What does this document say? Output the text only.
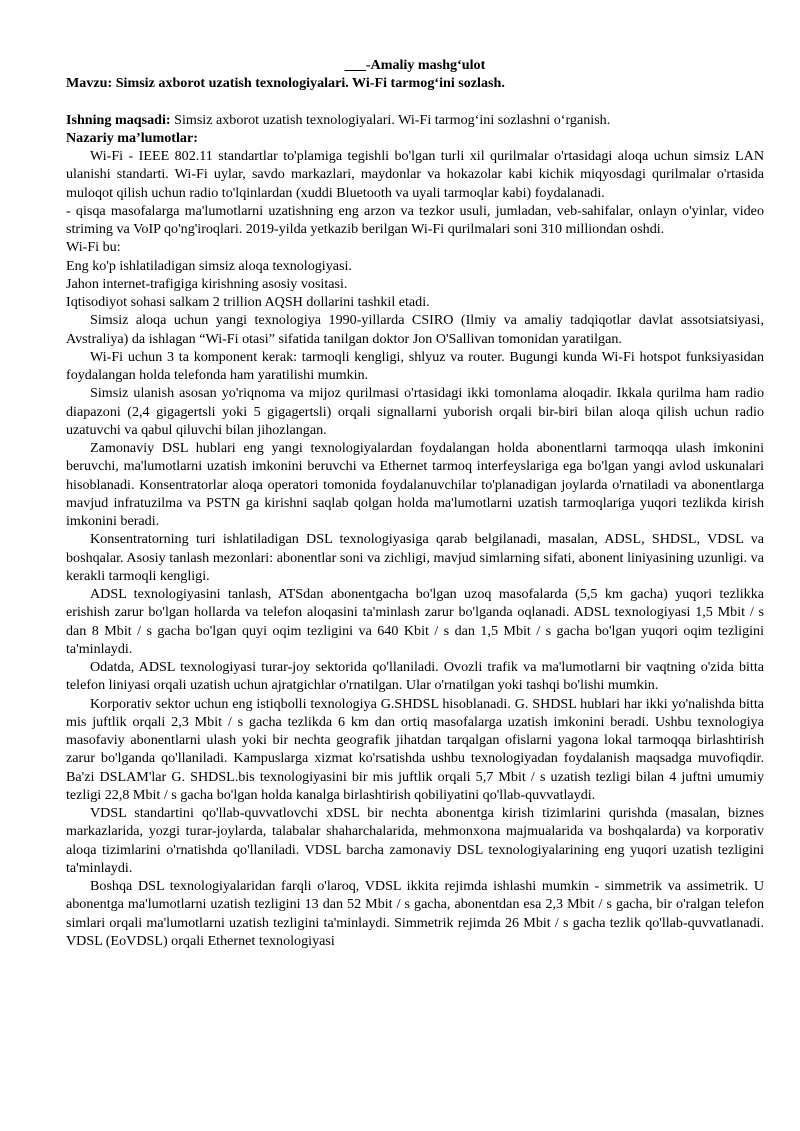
___-Amaliy mashg‘ulot

Mavzu: Simsiz axborot uzatish texnologiyalari. Wi-Fi tarmog‘ini sozlash.

Ishning maqsadi: Simsiz axborot uzatish texnologiyalari. Wi-Fi tarmog‘ini sozlashni o‘rganish.

Nazariy ma’lumotlar:

Wi-Fi - IEEE 802.11 standartlar to'plamiga tegishli bo'lgan turli xil qurilmalar o'rtasidagi aloqa uchun simsiz LAN ulanishi standarti. Wi-Fi uylar, savdo markazlari, maydonlar va hokazolar kabi kichik miqyosdagi qurilmalar o'rtasida muloqot qilish uchun radio to'lqinlardan (xuddi Bluetooth va uyali tarmoqlar kabi) foydalanadi.

- qisqa masofalarga ma'lumotlarni uzatishning eng arzon va tezkor usuli, jumladan, veb-sahifalar, onlayn o'yinlar, video striming va VoIP qo'ng'iroqlari. 2019-yilda yetkazib berilgan Wi-Fi qurilmalari soni 310 milliondan oshdi.

Wi-Fi bu:

Eng ko'p ishlatiladigan simsiz aloqa texnologiyasi.

Jahon internet-trafigiga kirishning asosiy vositasi.

Iqtisodiyot sohasi salkam 2 trillion AQSH dollarini tashkil etadi.

Simsiz aloqa uchun yangi texnologiya 1990-yillarda CSIRO (Ilmiy va amaliy tadqiqotlar davlat assotsiatsiyasi, Avstraliya) da ishlagan “Wi-Fi otasi” sifatida tanilgan doktor Jon O'Sallivan tomonidan yaratilgan.

Wi-Fi uchun 3 ta komponent kerak: tarmoqli kengligi, shlyuz va router. Bugungi kunda Wi-Fi hotspot funksiyasidan foydalangan holda telefonda ham yaratilishi mumkin.

Simsiz ulanish asosan yo'riqnoma va mijoz qurilmasi o'rtasidagi ikki tomonlama aloqadir. Ikkala qurilma ham radio diapazoni (2,4 gigagertsli yoki 5 gigagertsli) orqali signallarni yuborish orqali bir-biri bilan aloqa qilish uchun radio uzatuvchi va qabul qiluvchi bilan jihozlangan.

Zamonaviy DSL hublari eng yangi texnologiyalardan foydalangan holda abonentlarni tarmoqqa ulash imkonini beruvchi, ma'lumotlarni uzatish imkonini beruvchi va Ethernet tarmoq interfeyslariga ega bo'lgan yangi avlod uskunalari hisoblanadi. Konsentratorlar aloqa operatori tomonida foydalanuvchilar to'planadigan joylarda o'rnatiladi va abonentlarga mavjud infratuzilma va PSTN ga kirishni saqlab qolgan holda ma'lumotlarni uzatish tarmoqlariga yuqori tezlikda kirish imkonini beradi.

Konsentratorning turi ishlatiladigan DSL texnologiyasiga qarab belgilanadi, masalan, ADSL, SHDSL, VDSL va boshqalar. Asosiy tanlash mezonlari: abonentlar soni va zichligi, mavjud simlarning sifati, abonent liniyasining uzunligi. va kerakli tarmoqli kengligi.

ADSL texnologiyasini tanlash, ATSdan abonentgacha bo'lgan uzoq masofalarda (5,5 km gacha) yuqori tezlikka erishish zarur bo'lgan hollarda va telefon aloqasini ta'minlash zarur bo'lganda oqlanadi. ADSL texnologiyasi 1,5 Mbit / s dan 8 Mbit / s gacha bo'lgan quyi oqim tezligini va 640 Kbit / s dan 1,5 Mbit / s gacha bo'lgan yuqori oqim tezligini ta'minlaydi.

Odatda, ADSL texnologiyasi turar-joy sektorida qo'llaniladi. Ovozli trafik va ma'lumotlarni bir vaqtning o'zida bitta telefon liniyasi orqali uzatish uchun ajratgichlar o'rnatilgan. Ular o'rnatilgan yoki tashqi bo'lishi mumkin.

Korporativ sektor uchun eng istiqbolli texnologiya G.SHDSL hisoblanadi. G. SHDSL hublari har ikki yo'nalishda bitta mis juftlik orqali 2,3 Mbit / s gacha tezlikda 6 km dan ortiq masofalarga uzatish imkonini beradi. Ushbu texnologiya masofaviy abonentlarni ulash yoki bir nechta geografik jihatdan tarqalgan ofislarni yagona lokal tarmoqqa birlashtirish zarur bo'lganda qo'llaniladi. Kampuslarga xizmat ko'rsatishda ushbu texnologiyadan foydalanish maqsadga muvofiqdir. Ba'zi DSLAM'lar G. SHDSL.bis texnologiyasini bir mis juftlik orqali 5,7 Mbit / s uzatish tezligi bilan 4 juftni umumiy tezligi 22,8 Mbit / s gacha bo'lgan holda kanalga birlashtirish qobiliyatini qo'llab-quvvatlaydi.

VDSL standartini qo'llab-quvvatlovchi xDSL bir nechta abonentga kirish tizimlarini qurishda (masalan, biznes markazlarida, yozgi turar-joylarda, talabalar shaharchalarida, mehmonxona majmualarida va boshqalarda) va korporativ aloqa tizimlarini o'rnatishda qo'llaniladi. VDSL barcha zamonaviy DSL texnologiyalarining eng yuqori uzatish tezligini ta'minlaydi.

Boshqa DSL texnologiyalaridan farqli o'laroq, VDSL ikkita rejimda ishlashi mumkin - simmetrik va assimetrik. U abonentga ma'lumotlarni uzatish tezligini 13 dan 52 Mbit / s gacha, abonentdan esa 2,3 Mbit / s gacha, bir o'ralgan telefon simlari orqali ma'lumotlarni uzatish tezligini ta'minlaydi. Simmetrik rejimda 26 Mbit / s gacha tezlik qo'llab-quvvatlanadi. VDSL (EoVDSL) orqali Ethernet texnologiyasi
